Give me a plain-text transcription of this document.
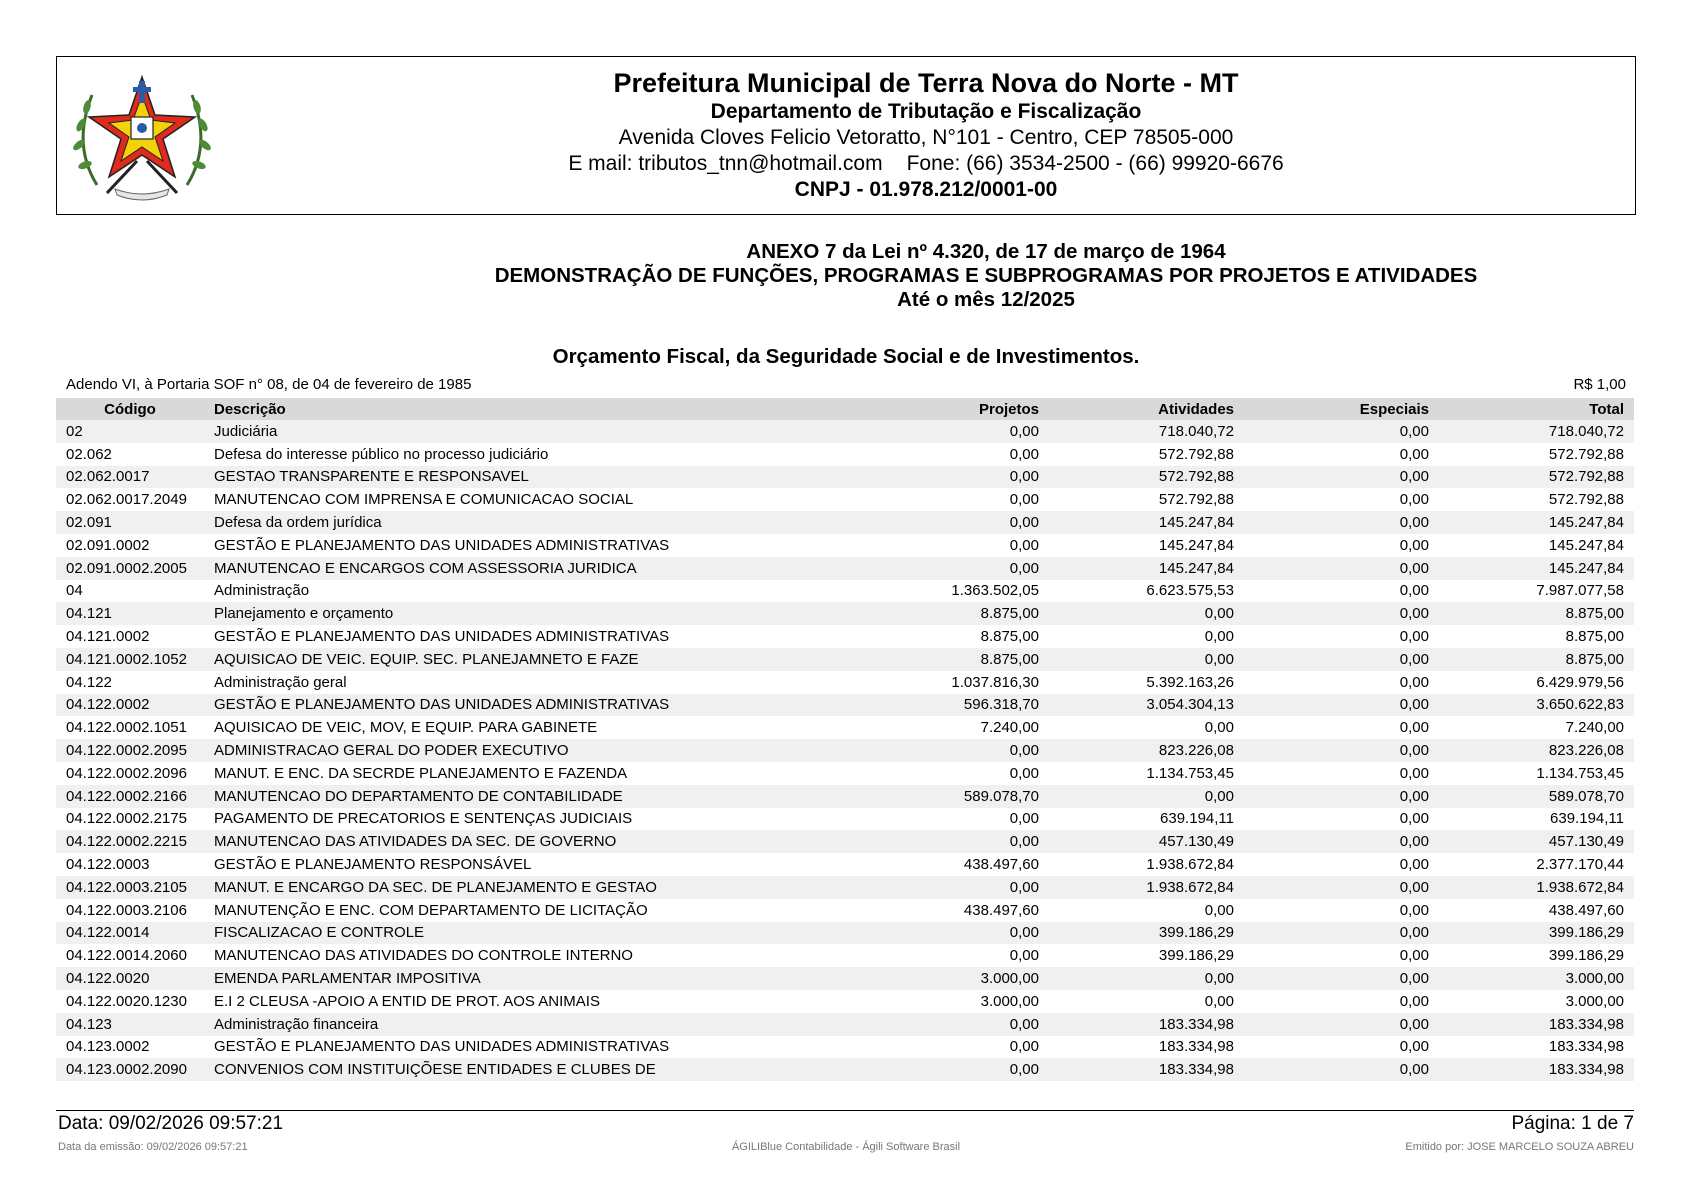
Prefeitura Municipal de Terra Nova do Norte - MT
Departamento de Tributação e Fiscalização
Avenida Cloves Felicio Vetoratto, N°101 - Centro, CEP 78505-000
E mail: tributos_tnn@hotmail.com Fone: (66) 3534-2500 - (66) 99920-6676
CNPJ - 01.978.212/0001-00
ANEXO 7 da Lei nº 4.320, de 17 de março de 1964
DEMONSTRAÇÃO DE FUNÇÕES, PROGRAMAS E SUBPROGRAMAS POR PROJETOS E ATIVIDADES
Até o mês 12/2025
Orçamento Fiscal, da Seguridade Social e de Investimentos.
Adendo VI, à Portaria SOF n° 08, de 04 de fevereiro de 1985	R$ 1,00
Código	Descrição	Projetos	Atividades	Especiais	Total
02	Judiciária	0,00	718.040,72	0,00	718.040,72
02.062	Defesa do interesse público no processo judiciário	0,00	572.792,88	0,00	572.792,88
02.062.0017	GESTAO TRANSPARENTE E RESPONSAVEL	0,00	572.792,88	0,00	572.792,88
02.062.0017.2049	MANUTENCAO COM IMPRENSA E COMUNICACAO SOCIAL	0,00	572.792,88	0,00	572.792,88
02.091	Defesa da ordem jurídica	0,00	145.247,84	0,00	145.247,84
02.091.0002	GESTÃO E PLANEJAMENTO DAS UNIDADES ADMINISTRATIVAS	0,00	145.247,84	0,00	145.247,84
02.091.0002.2005	MANUTENCAO E ENCARGOS COM ASSESSORIA JURIDICA	0,00	145.247,84	0,00	145.247,84
04	Administração	1.363.502,05	6.623.575,53	0,00	7.987.077,58
04.121	Planejamento e orçamento	8.875,00	0,00	0,00	8.875,00
04.121.0002	GESTÃO E PLANEJAMENTO DAS UNIDADES ADMINISTRATIVAS	8.875,00	0,00	0,00	8.875,00
04.121.0002.1052	AQUISICAO DE VEIC. EQUIP. SEC. PLANEJAMNETO E FAZE	8.875,00	0,00	0,00	8.875,00
04.122	Administração geral	1.037.816,30	5.392.163,26	0,00	6.429.979,56
04.122.0002	GESTÃO E PLANEJAMENTO DAS UNIDADES ADMINISTRATIVAS	596.318,70	3.054.304,13	0,00	3.650.622,83
04.122.0002.1051	AQUISICAO DE VEIC, MOV, E EQUIP. PARA GABINETE	7.240,00	0,00	0,00	7.240,00
04.122.0002.2095	ADMINISTRACAO GERAL DO PODER EXECUTIVO	0,00	823.226,08	0,00	823.226,08
04.122.0002.2096	MANUT. E ENC. DA SECRDE PLANEJAMENTO E FAZENDA	0,00	1.134.753,45	0,00	1.134.753,45
04.122.0002.2166	MANUTENCAO DO DEPARTAMENTO DE CONTABILIDADE	589.078,70	0,00	0,00	589.078,70
04.122.0002.2175	PAGAMENTO DE PRECATORIOS E SENTENÇAS JUDICIAIS	0,00	639.194,11	0,00	639.194,11
04.122.0002.2215	MANUTENCAO DAS ATIVIDADES DA SEC. DE GOVERNO	0,00	457.130,49	0,00	457.130,49
04.122.0003	GESTÃO E PLANEJAMENTO RESPONSÁVEL	438.497,60	1.938.672,84	0,00	2.377.170,44
04.122.0003.2105	MANUT. E ENCARGO DA SEC. DE PLANEJAMENTO E GESTAO	0,00	1.938.672,84	0,00	1.938.672,84
04.122.0003.2106	MANUTENÇÃO E ENC. COM DEPARTAMENTO DE LICITAÇÃO	438.497,60	0,00	0,00	438.497,60
04.122.0014	FISCALIZACAO E CONTROLE	0,00	399.186,29	0,00	399.186,29
04.122.0014.2060	MANUTENCAO DAS ATIVIDADES DO CONTROLE INTERNO	0,00	399.186,29	0,00	399.186,29
04.122.0020	EMENDA PARLAMENTAR IMPOSITIVA	3.000,00	0,00	0,00	3.000,00
04.122.0020.1230	E.I 2 CLEUSA -APOIO A ENTID DE PROT. AOS ANIMAIS	3.000,00	0,00	0,00	3.000,00
04.123	Administração financeira	0,00	183.334,98	0,00	183.334,98
04.123.0002	GESTÃO E PLANEJAMENTO DAS UNIDADES ADMINISTRATIVAS	0,00	183.334,98	0,00	183.334,98
04.123.0002.2090	CONVENIOS COM INSTITUIÇÕESE ENTIDADES E CLUBES DE	0,00	183.334,98	0,00	183.334,98
Data: 09/02/2026 09:57:21	Página: 1 de 7
Data da emissão: 09/02/2026 09:57:21	ÁGILIBlue Contabilidade - Ágili Software Brasil	Emitido por: JOSE MARCELO SOUZA ABREU
